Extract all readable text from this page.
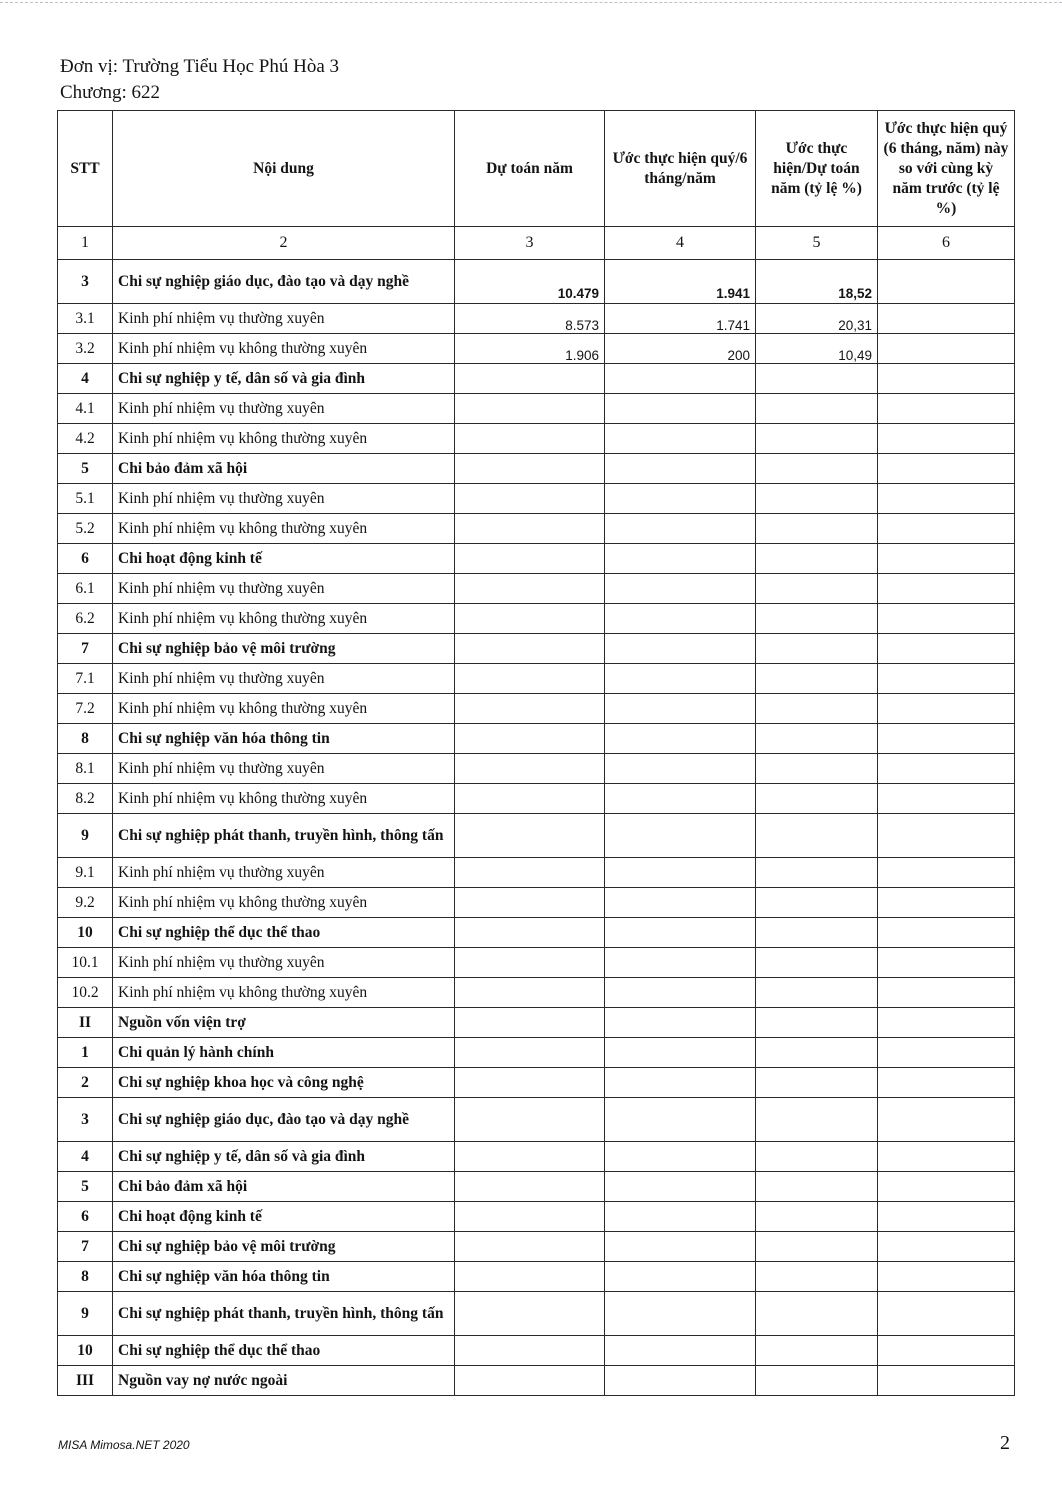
Đơn vị: Trường Tiểu Học Phú Hòa 3
Chương: 622
STT	Nội dung	Dự toán năm	Ước thực hiện quý/6 tháng/năm	Ước thực hiện/Dự toán năm (tỷ lệ %)	Ước thực hiện quý (6 tháng, năm) này so với cùng kỳ năm trước (tỷ lệ %)
1	2	3	4	5	6
3	Chi sự nghiệp giáo dục, đào tạo và dạy nghề	10.479	1.941	18,52	
3.1	Kinh phí nhiệm vụ thường xuyên	8.573	1.741	20,31	
3.2	Kinh phí nhiệm vụ không thường xuyên	1.906	200	10,49	
4	Chi sự nghiệp y tế, dân số và gia đình				
4.1	Kinh phí nhiệm vụ thường xuyên				
4.2	Kinh phí nhiệm vụ không thường xuyên				
5	Chi bảo đảm xã hội				
5.1	Kinh phí nhiệm vụ thường xuyên				
5.2	Kinh phí nhiệm vụ không thường xuyên				
6	Chi hoạt động kinh tế				
6.1	Kinh phí nhiệm vụ thường xuyên				
6.2	Kinh phí nhiệm vụ không thường xuyên				
7	Chi sự nghiệp bảo vệ môi trường				
7.1	Kinh phí nhiệm vụ thường xuyên				
7.2	Kinh phí nhiệm vụ không thường xuyên				
8	Chi sự nghiệp văn hóa thông tin				
8.1	Kinh phí nhiệm vụ thường xuyên				
8.2	Kinh phí nhiệm vụ không thường xuyên				
9	Chi sự nghiệp phát thanh, truyền hình, thông tấn				
9.1	Kinh phí nhiệm vụ thường xuyên				
9.2	Kinh phí nhiệm vụ không thường xuyên				
10	Chi sự nghiệp thể dục thể thao				
10.1	Kinh phí nhiệm vụ thường xuyên				
10.2	Kinh phí nhiệm vụ không thường xuyên				
II	Nguồn vốn viện trợ				
1	Chi quản lý hành chính				
2	Chi sự nghiệp khoa học và công nghệ				
3	Chi sự nghiệp giáo dục, đào tạo và dạy nghề				
4	Chi sự nghiệp y tế, dân số và gia đình				
5	Chi bảo đảm xã hội				
6	Chi hoạt động kinh tế				
7	Chi sự nghiệp bảo vệ môi trường				
8	Chi sự nghiệp văn hóa thông tin				
9	Chi sự nghiệp phát thanh, truyền hình, thông tấn				
10	Chi sự nghiệp thể dục thể thao				
III	Nguồn vay nợ nước ngoài				
MISA Mimosa.NET 2020	2
